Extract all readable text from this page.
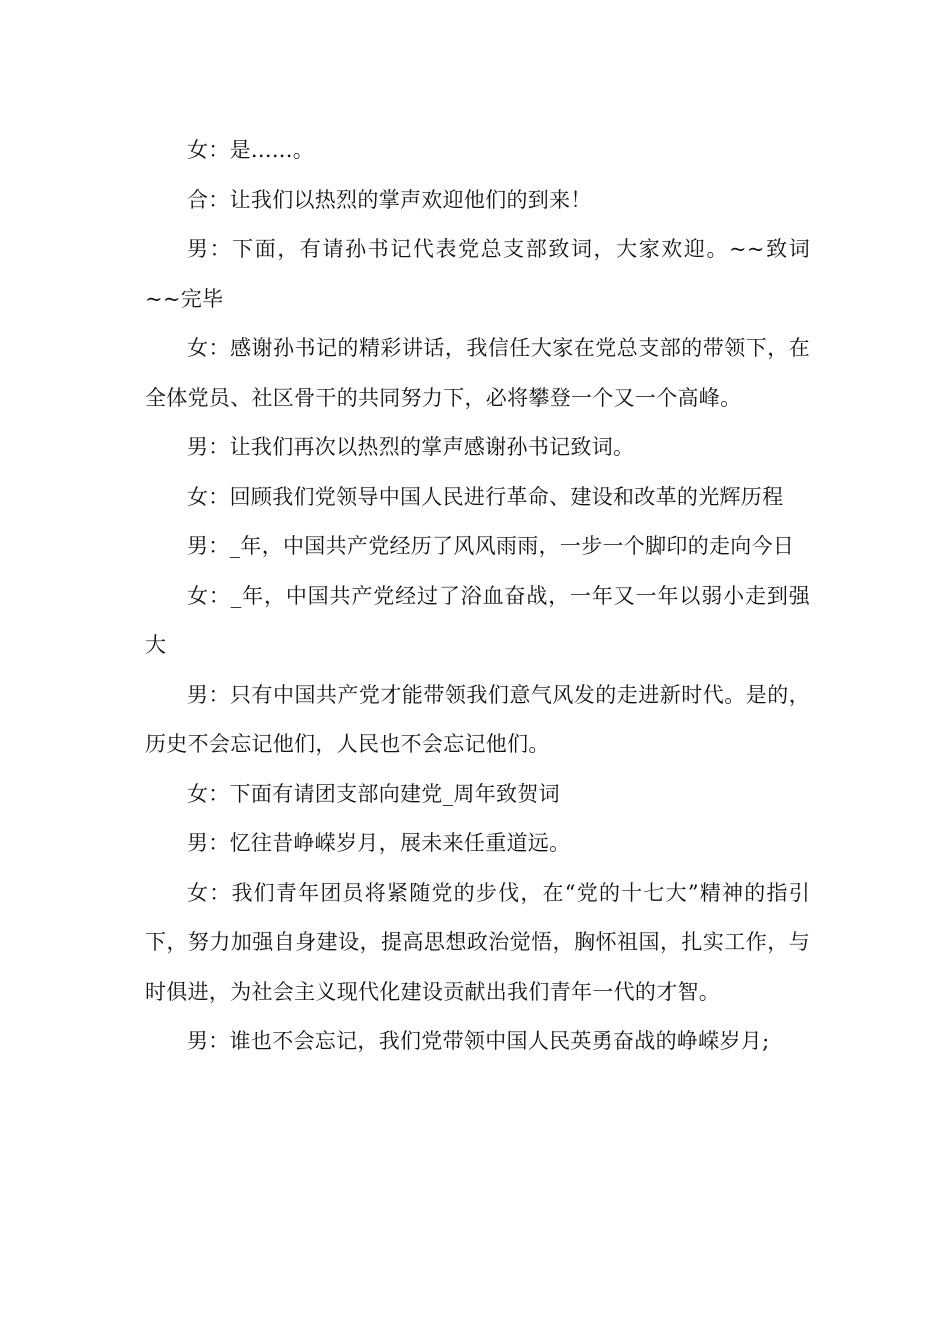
女：是......。

合：让我们以热烈的掌声欢迎他们的到来！

男：下面，有请孙书记代表党总支部致词，大家欢迎。~~致词~~完毕

女：感谢孙书记的精彩讲话，我信任大家在党总支部的带领下，在全体党员、社区骨干的共同努力下，必将攀登一个又一个高峰。

男：让我们再次以热烈的掌声感谢孙书记致词。

女：回顾我们党领导中国人民进行革命、建设和改革的光辉历程

男：_年，中国共产党经历了风风雨雨，一步一个脚印的走向今日

女：_年，中国共产党经过了浴血奋战，一年又一年以弱小走到强大

男：只有中国共产党才能带领我们意气风发的走进新时代。是的，历史不会忘记他们，人民也不会忘记他们。

女：下面有请团支部向建党_周年致贺词

男：忆往昔峥嵘岁月，展未来任重道远。

女：我们青年团员将紧随党的步伐，在“党的十七大”精神的指引下，努力加强自身建设，提高思想政治觉悟，胸怀祖国，扎实工作，与时俱进，为社会主义现代化建设贡献出我们青年一代的才智。

男：谁也不会忘记，我们党带领中国人民英勇奋战的峥嵘岁月;
